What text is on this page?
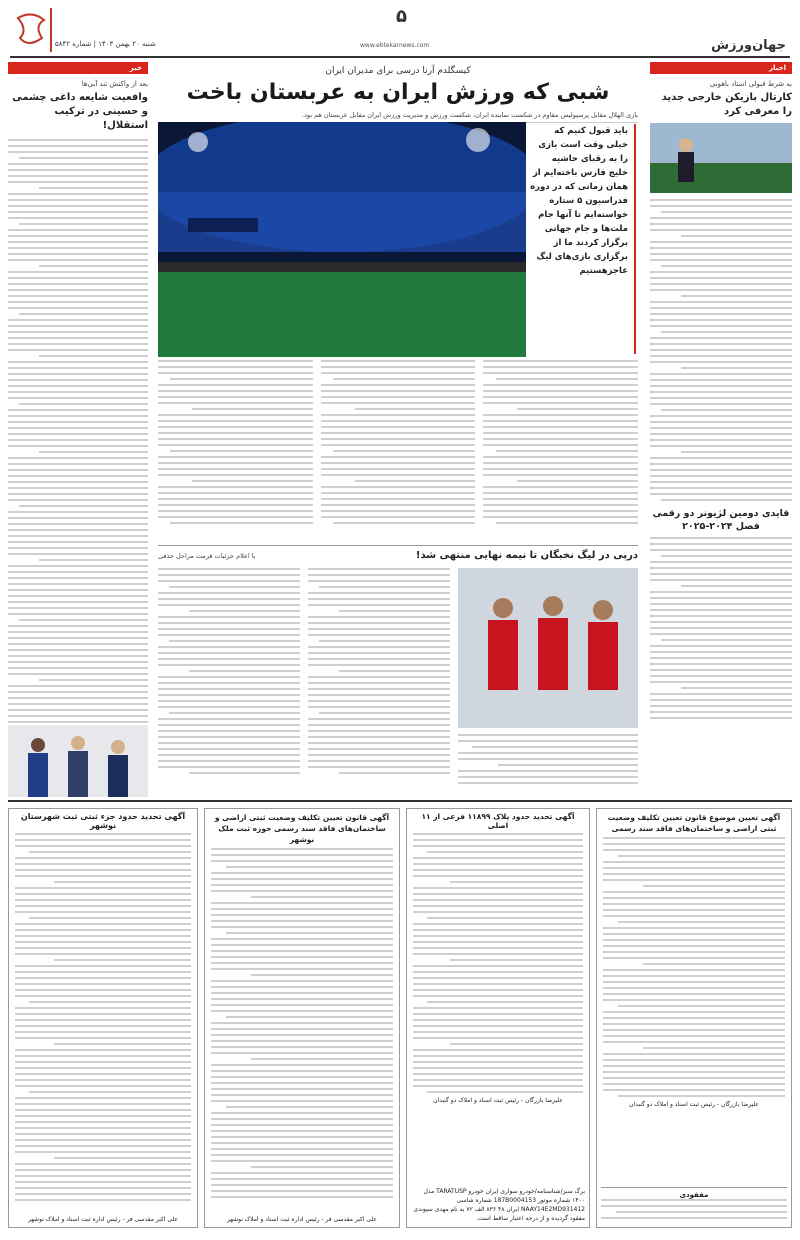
شنبه ۲۰ بهمن ۱۴۰۳ | شماره ۵۸۴۲
۵
www.ebtekarnews.com	جهان‌ورزش
اخبار
به شرط قبولی استاد باهوبی
کارتال بازیکن خارجی جدید را معرفی کرد
قایدی دومین لژیونر دو رقمی فصل ۲۰۲۴-۲۰۲۵
خبر
بعد از واکنش تند آبی‌ها
وافعیت شایعه داغی چشمی و حسینی در ترکیب استقلال!
کیسگلدم آرنا درسی برای مدیران ایران
شبی که ورزش ایران به عربستان باخت
بازی الهلال مقابل پرسپولیس مقاوم در شکست نماینده ایران، شکست ورزش و مدیریت ورزش ایران مقابل عربستان هم بود.
باید قبول کنیم که خیلی وقت است بازی را به رقبای حاشیه خلیج فارس باخته‌ایم از همان زمانی که در دوره فدراسیون ۵ ستاره خواسته‌ایم تا آنها جام ملت‌ها و جام جهانی برگزار کردند ما از برگزاری بازی‌های لیگ عاجزهستیم
درپی در لیگ نخبگان تا نیمه نهایی منتهی شد!
با اعلام جزئیات فرمت مراحل حذفی
آگهی تحدید حدود جزء ثبتی ثبت شهرستان نوشهر
علی اکبر مقدسی فر - رئیس اداره ثبت اسناد و املاک نوشهر
آگهی قانون تعیین تکلیف وضعیت ثبتی اراضی و ساختمان‌های فاقد سند رسمی حوزه ثبت ملک نوشهر
علی اکبر مقدسی فر - رئیس اداره ثبت اسناد و املاک نوشهر
آگهی تحدید حدود پلاک ۱۱۸۹۹ فرعی از ۱۱ اصلی
علیرضا بازرگان - رئیس ثبت اسناد و املاک دو گنبدان
برگ سبز/شناسنامه/خودرو سواری ایران خودرو TARATUSP مدل ۱۴۰۰ شماره موتور 187B0004153 شماره شاسی NAAY14E2MD931412 ایران ۴۸ ۸۳۶ الف ۷۲ به نام مهدی سیوندی مفقود گردیده و از درجه اعتبار ساقط است.
آگهی تعیین موضوع قانون تعیین تکلیف وضعیت ثبتی اراضی و ساختمان‌های فاقد سند رسمی
علیرضا بازرگان - رئیس ثبت اسناد و املاک دو گنبدان
مفقودی
